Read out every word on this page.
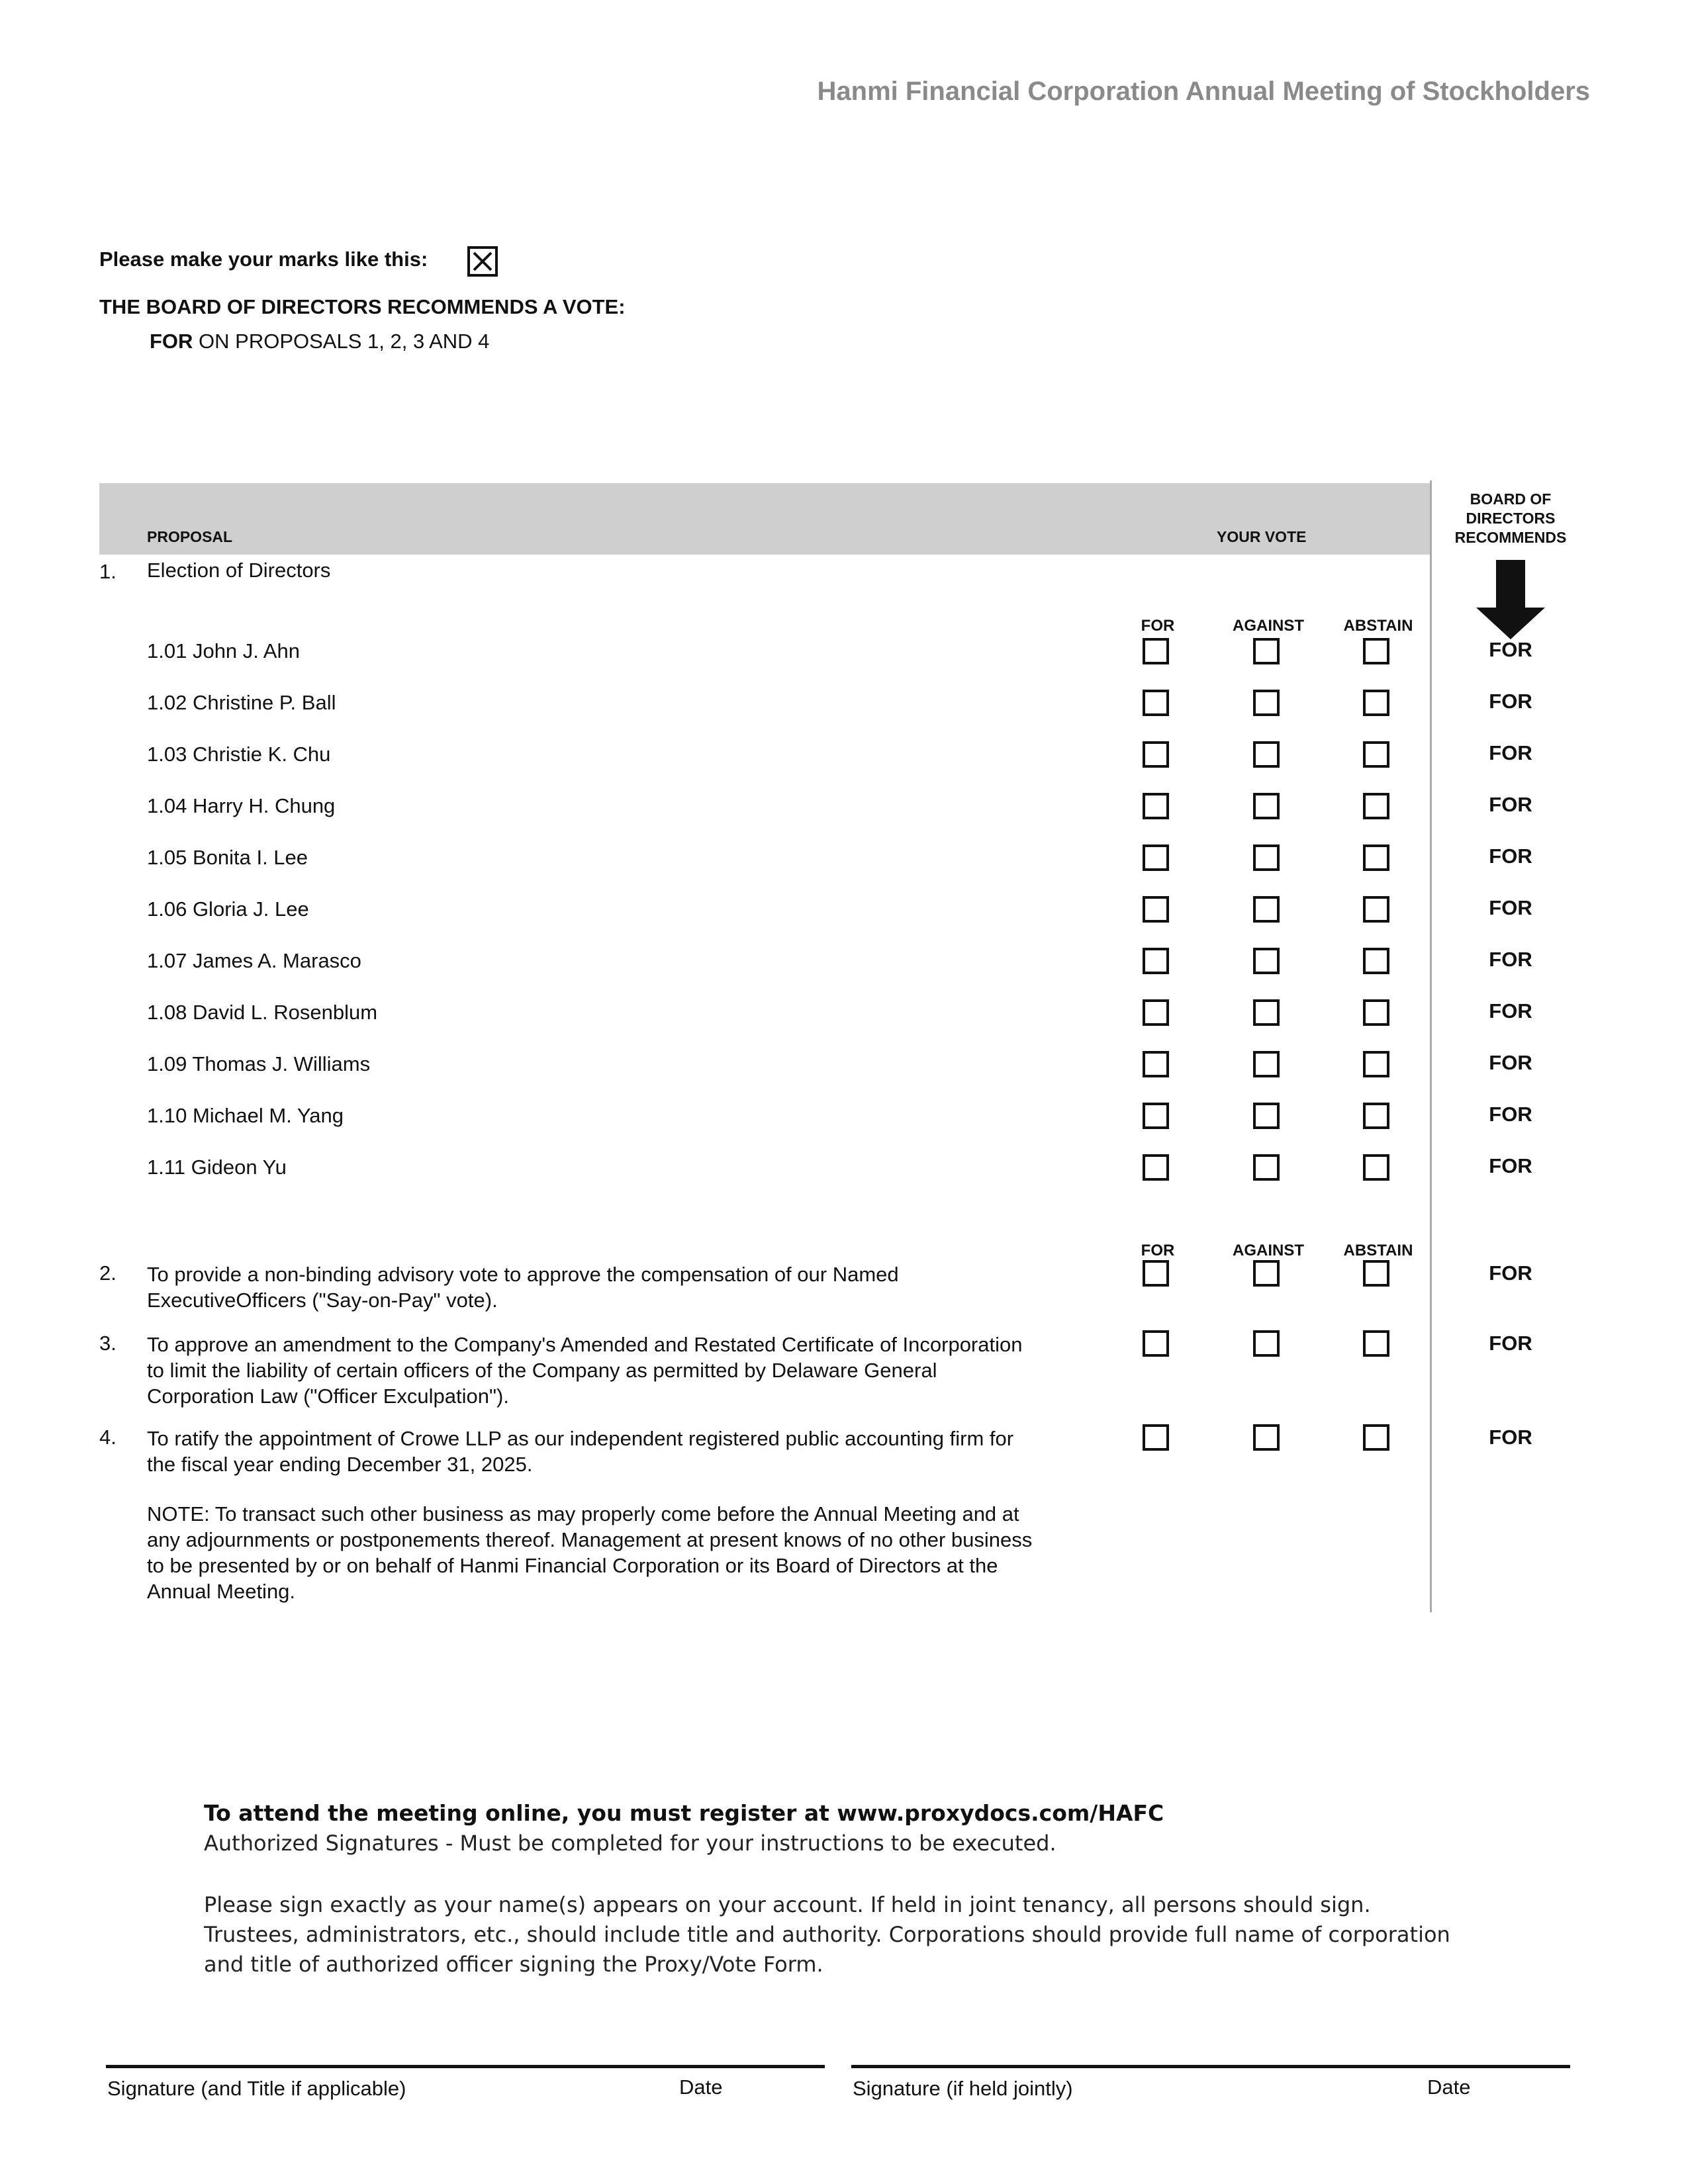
Hanmi Financial Corporation Annual Meeting of Stockholders
Please make your marks like this:
THE BOARD OF DIRECTORS RECOMMENDS A VOTE:
FOR ON PROPOSALS 1, 2, 3 AND 4
PROPOSAL	YOUR VOTE
BOARD OF DIRECTORS RECOMMENDS
1. Election of Directors
FOR	AGAINST	ABSTAIN
1.01 John J. Ahn	FOR
1.02 Christine P. Ball	FOR
1.03 Christie K. Chu	FOR
1.04 Harry H. Chung	FOR
1.05 Bonita I. Lee	FOR
1.06 Gloria J. Lee	FOR
1.07 James A. Marasco	FOR
1.08 David L. Rosenblum	FOR
1.09 Thomas J. Williams	FOR
1.10 Michael M. Yang	FOR
1.11 Gideon Yu	FOR
FOR	AGAINST	ABSTAIN
2. To provide a non-binding advisory vote to approve the compensation of our Named
ExecutiveOfficers ("Say-on-Pay" vote).
FOR
3. To approve an amendment to the Company's Amended and Restated Certificate of Incorporation
to limit the liability of certain officers of the Company as permitted by Delaware General
Corporation Law ("Officer Exculpation").
FOR
4. To ratify the appointment of Crowe LLP as our independent registered public accounting firm for
the fiscal year ending December 31, 2025.
FOR
NOTE: To transact such other business as may properly come before the Annual Meeting and at
any adjournments or postponements thereof. Management at present knows of no other business
to be presented by or on behalf of Hanmi Financial Corporation or its Board of Directors at the
Annual Meeting.
To attend the meeting online, you must register at www.proxydocs.com/HAFC
Authorized Signatures - Must be completed for your instructions to be executed.
Please sign exactly as your name(s) appears on your account. If held in joint tenancy, all persons should sign. Trustees, administrators, etc., should include title and authority. Corporations should provide full name of corporation and title of authorized officer signing the Proxy/Vote Form.
Signature (and Title if applicable)	Date	Signature (if held jointly)	Date
